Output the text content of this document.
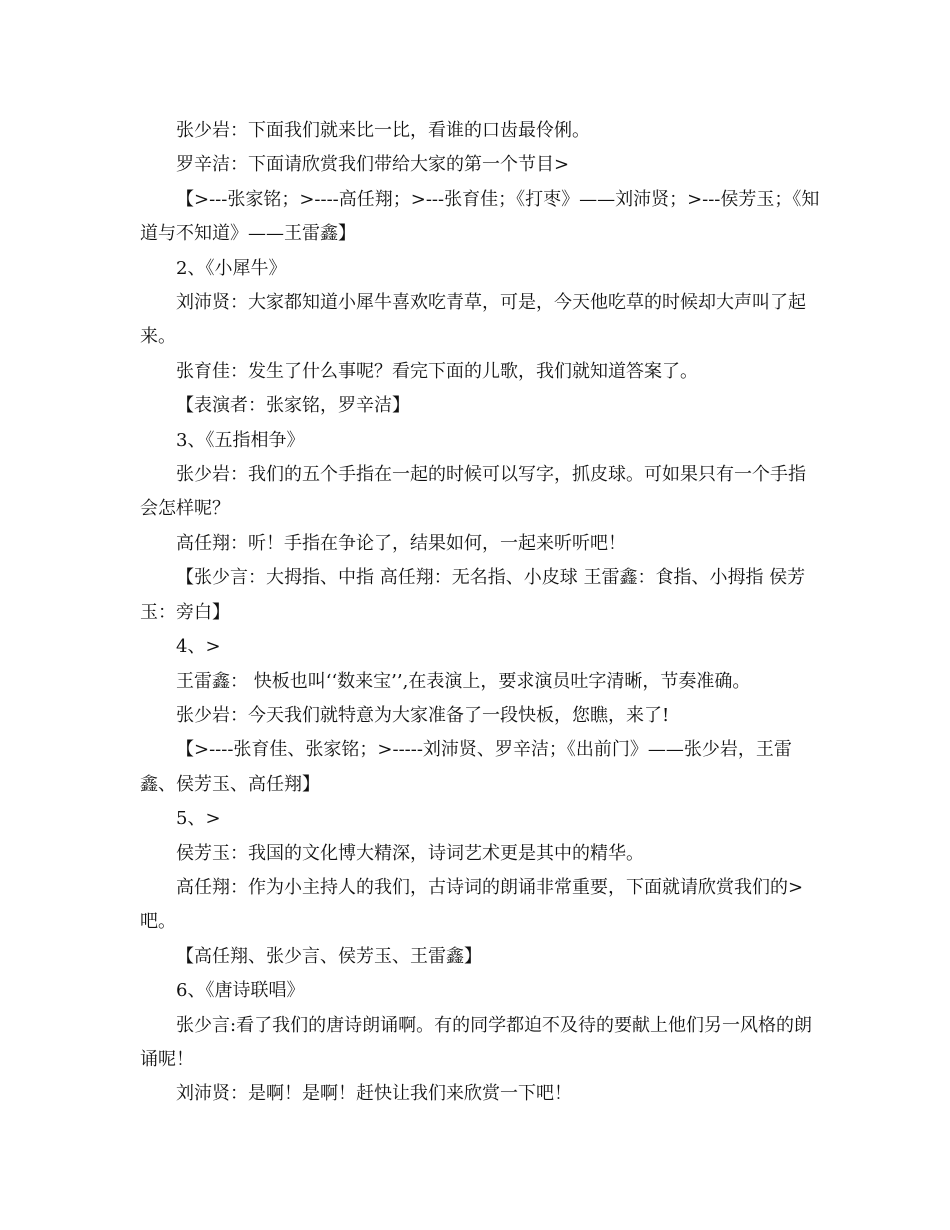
张少岩：下面我们就来比一比，看谁的口齿最伶俐。

罗辛洁：下面请欣赏我们带给大家的第一个节目>

【>---张家铭；>----高任翔；>---张育佳；《打枣》——刘沛贤；>---侯芳玉；《知道与不知道》——王雷鑫】

2、《小犀牛》

刘沛贤：大家都知道小犀牛喜欢吃青草，可是，今天他吃草的时候却大声叫了起来。

张育佳：发生了什么事呢？看完下面的儿歌，我们就知道答案了。

【表演者：张家铭，罗辛洁】

3、《五指相争》

张少岩：我们的五个手指在一起的时候可以写字，抓皮球。可如果只有一个手指会怎样呢？

高任翔：听！手指在争论了，结果如何，一起来听听吧！

【张少言：大拇指、中指 高任翔：无名指、小皮球 王雷鑫：食指、小拇指 侯芳玉：旁白】

4、>

王雷鑫： 快板也叫‘‘数来宝’’,在表演上，要求演员吐字清晰，节奏准确。

张少岩：今天我们就特意为大家准备了一段快板，您瞧，来了!

【>----张育佳、张家铭；>-----刘沛贤、罗辛洁；《出前门》——张少岩，王雷鑫、侯芳玉、高任翔】

5、>

侯芳玉：我国的文化博大精深，诗词艺术更是其中的精华。

高任翔：作为小主持人的我们，古诗词的朗诵非常重要，下面就请欣赏我们的>吧。

【高任翔、张少言、侯芳玉、王雷鑫】

6、《唐诗联唱》

张少言:看了我们的唐诗朗诵啊。有的同学都迫不及待的要献上他们另一风格的朗诵呢！

刘沛贤：是啊！是啊！赶快让我们来欣赏一下吧！
